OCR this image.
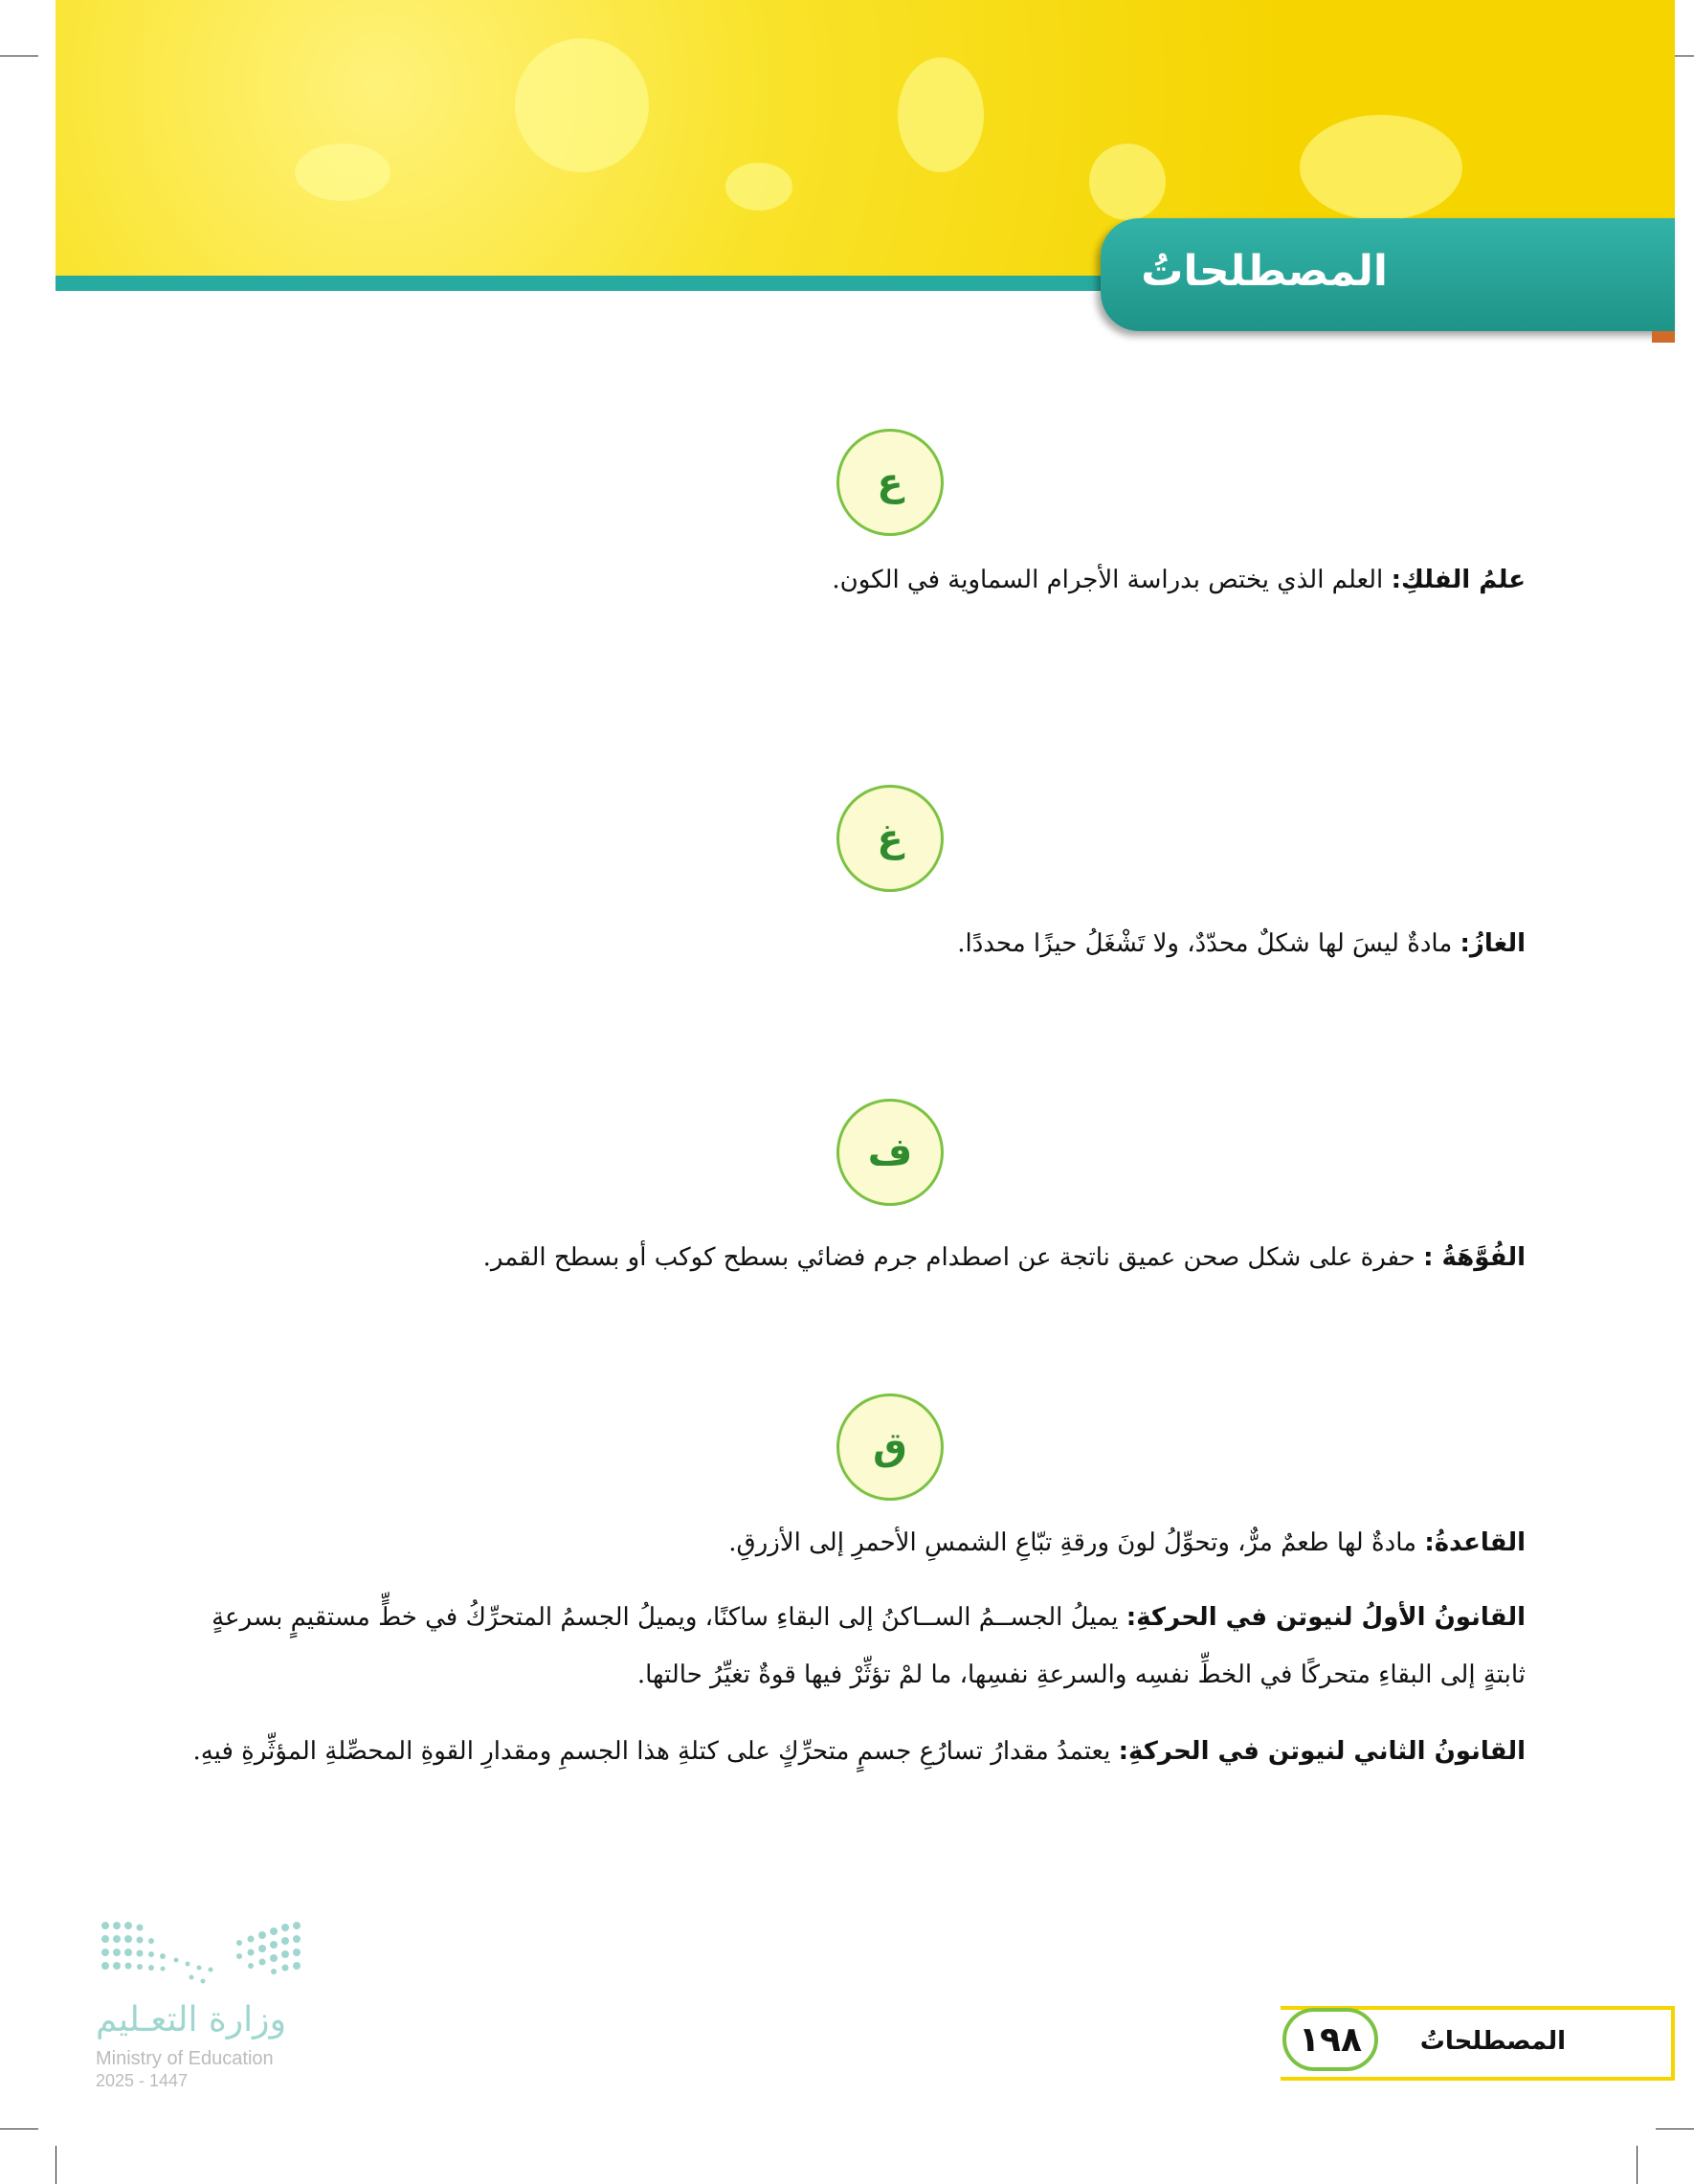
المصطلحاتُ
ع
علمُ الفلكِ: العلم الذي يختص بدراسة الأجرام السماوية في الكون.
غ
الغازُ: مادةٌ ليسَ لها شكلٌ محدّدٌ، ولا تَشْغَلُ حيزًا محددًا.
ف
الفُوَّهَةُ : حفرة على شكل صحن عميق ناتجة عن اصطدام جرم فضائي بسطح كوكب أو بسطح القمر.
ق
القاعدةُ: مادةٌ لها طعمٌ مرٌّ، وتحوِّلُ لونَ ورقةِ تبّاعِ الشمسِ الأحمرِ إلى الأزرقِ.
القانونُ الأولُ لنيوتن في الحركةِ: يميلُ الجســمُ الســاكنُ إلى البقاءِ ساكنًا، ويميلُ الجسمُ المتحرِّكُ في خطٍّ مستقيمٍ بسرعةٍ ثابتةٍ إلى البقاءِ متحركًا في الخطِّ نفسِه والسرعةِ نفسِها، ما لمْ تؤثِّرْ فيها قوةٌ تغيِّرُ حالتها.
القانونُ الثاني لنيوتن في الحركةِ: يعتمدُ مقدارُ تسارُعِ جسمٍ متحرِّكٍ على كتلةِ هذا الجسمِ ومقدارِ القوةِ المحصِّلةِ المؤثِّرةِ فيهِ.
وزارة التعـليم
Ministry of Education
2025 - 1447
المصطلحاتُ
١٩٨
